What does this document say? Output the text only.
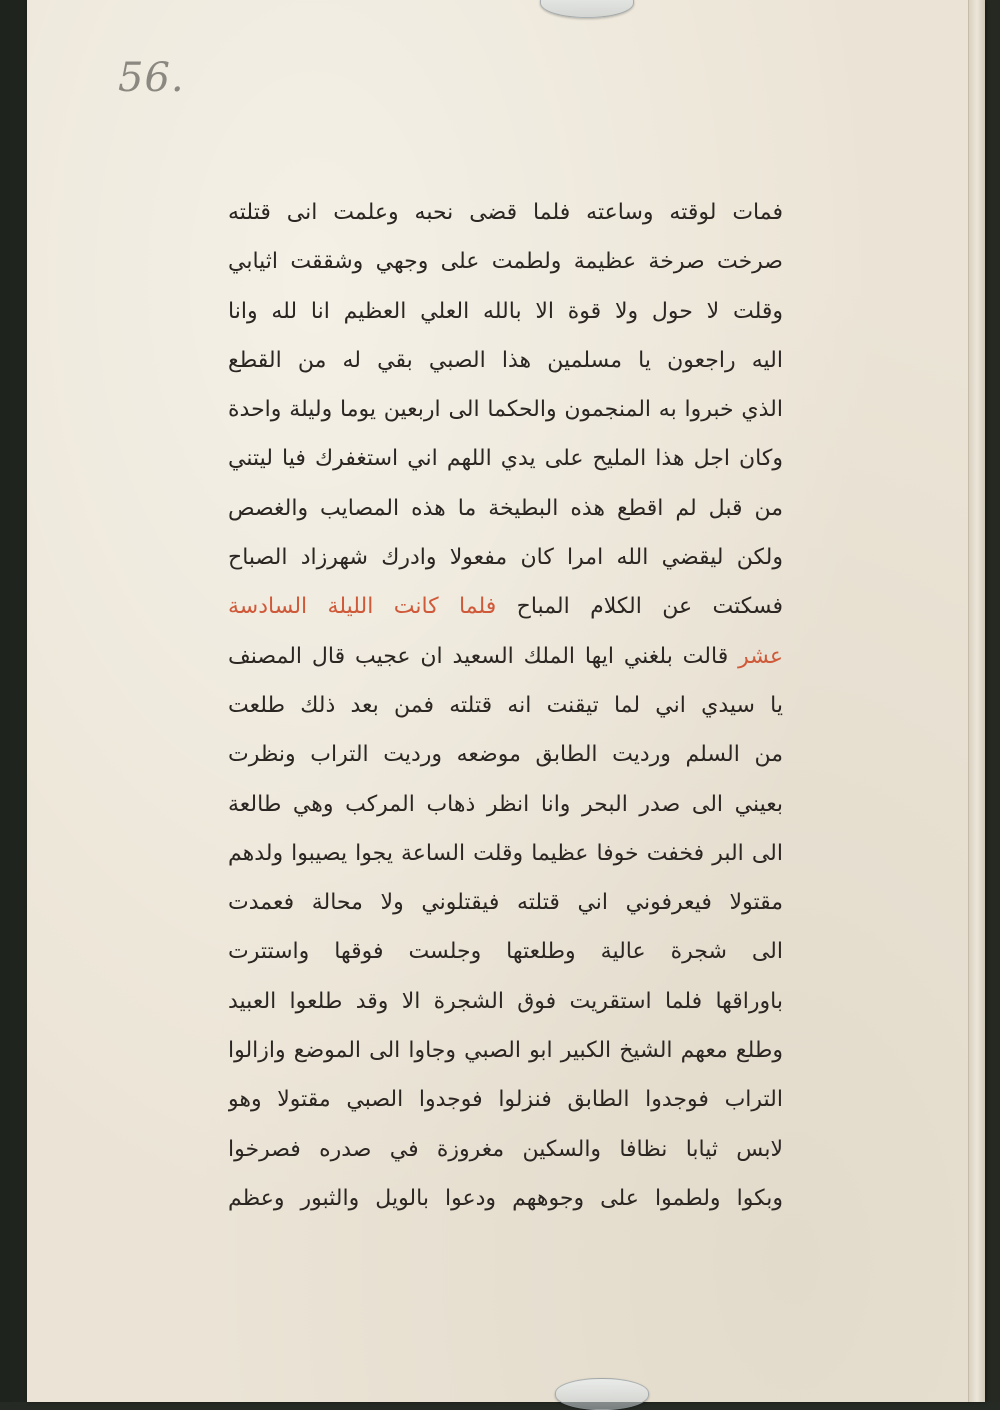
56.
فمات لوقته وساعته فلما قضى نحبه وعلمت انى قتلته
صرخت صرخة عظيمة ولطمت على وجهي وشققت اثيابي
وقلت لا حول ولا قوة الا بالله العلي العظيم انا لله وانا
اليه راجعون يا مسلمين هذا الصبي بقي له من القطع
الذي خبروا به المنجمون والحكما الى اربعين يوما وليلة واحدة
وكان اجل هذا المليح على يدي اللهم اني استغفرك فيا ليتني
من قبل لم اقطع هذه البطيخة ما هذه المصايب والغصص
ولكن ليقضي الله امرا كان مفعولا وادرك شهرزاد الصباح
فسكتت عن الكلام المباح فلما كانت الليلة السادسة
عشر قالت بلغني ايها الملك السعيد ان عجيب قال المصنف
يا سيدي اني لما تيقنت انه قتلته فمن بعد ذلك طلعت
من السلم ورديت الطابق موضعه ورديت التراب ونظرت
بعيني الى صدر البحر وانا انظر ذهاب المركب وهي طالعة
الى البر فخفت خوفا عظيما وقلت الساعة يجوا يصيبوا ولدهم
مقتولا فيعرفوني اني قتلته فيقتلوني ولا محالة فعمدت
الى شجرة عالية وطلعتها وجلست فوقها واستترت
باوراقها فلما استقريت فوق الشجرة الا وقد طلعوا العبيد
وطلع معهم الشيخ الكبير ابو الصبي وجاوا الى الموضع وازالوا
التراب فوجدوا الطابق فنزلوا فوجدوا الصبي مقتولا وهو
لابس ثيابا نظافا والسكين مغروزة في صدره فصرخوا
وبكوا ولطموا على وجوههم ودعوا بالويل والثبور وعظم
